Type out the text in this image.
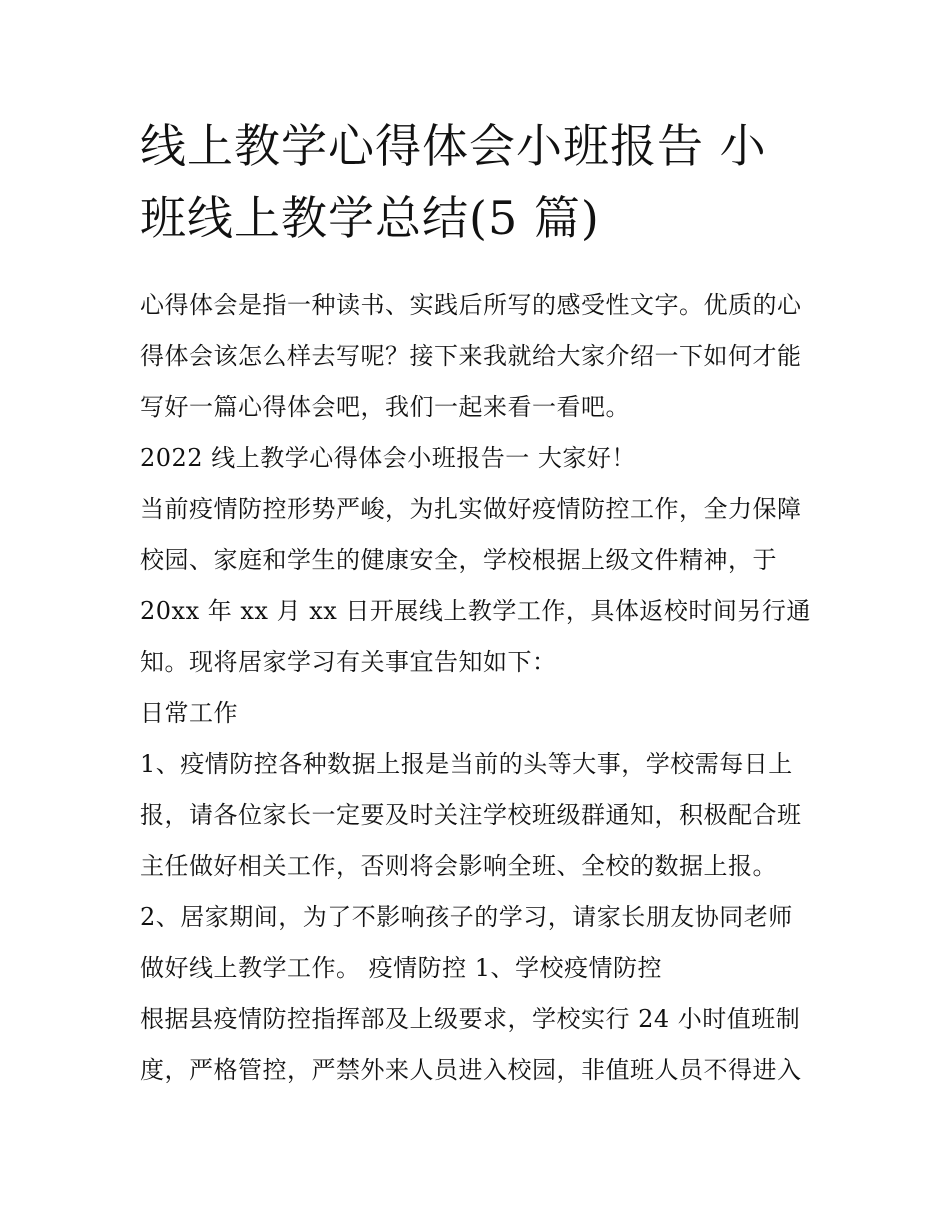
线上教学心得体会小班报告 小
班线上教学总结(5 篇)

心得体会是指一种读书、实践后所写的感受性文字。优质的心
得体会该怎么样去写呢？接下来我就给大家介绍一下如何才能
写好一篇心得体会吧，我们一起来看一看吧。

2022 线上教学心得体会小班报告一 大家好！

当前疫情防控形势严峻，为扎实做好疫情防控工作，全力保障
校园、家庭和学生的健康安全，学校根据上级文件精神，于
20xx 年 xx 月 xx 日开展线上教学工作，具体返校时间另行通
知。现将居家学习有关事宜告知如下：

日常工作

1、疫情防控各种数据上报是当前的头等大事，学校需每日上
报，请各位家长一定要及时关注学校班级群通知，积极配合班
主任做好相关工作，否则将会影响全班、全校的数据上报。

2、居家期间，为了不影响孩子的学习，请家长朋友协同老师
做好线上教学工作。 疫情防控 1、学校疫情防控

根据县疫情防控指挥部及上级要求，学校实行 24 小时值班制
度，严格管控，严禁外来人员进入校园，非值班人员不得进入
